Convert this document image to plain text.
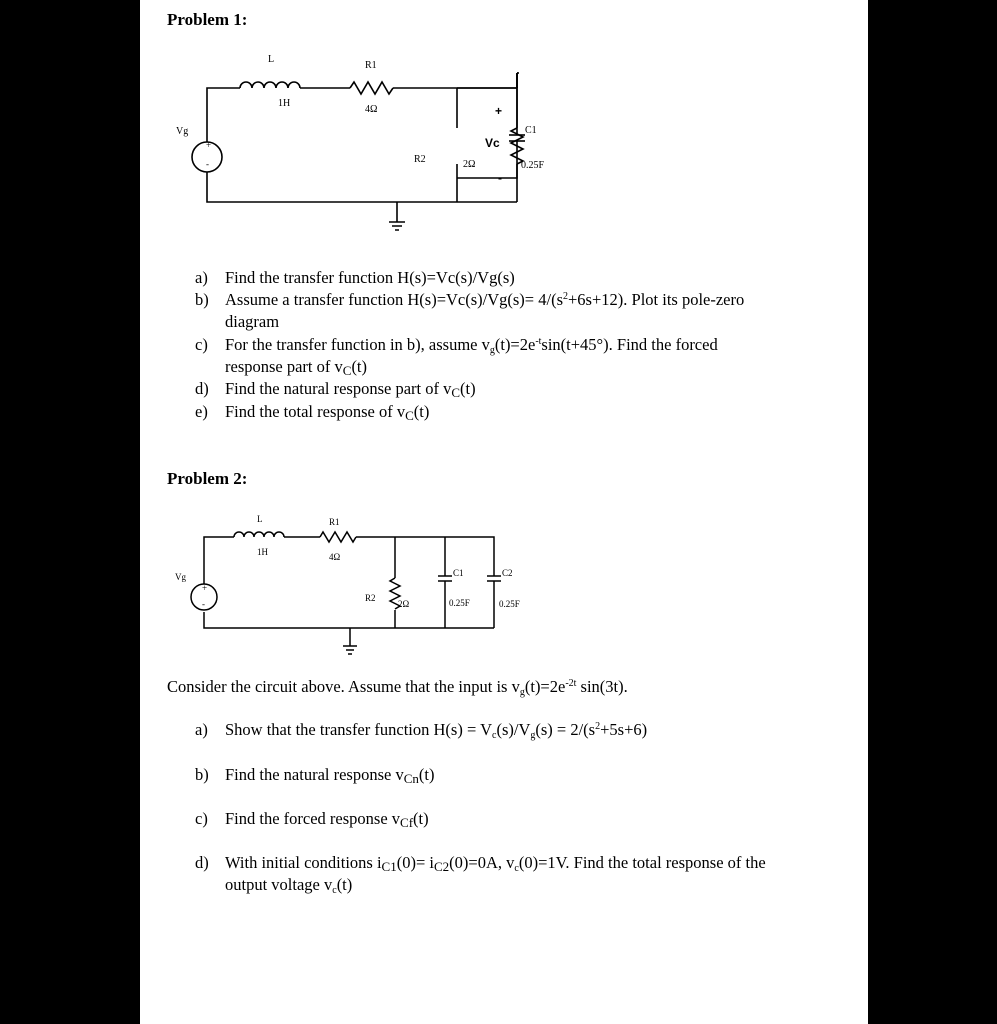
Problem 1:
L
1H
R1
4Ω
R2	2Ω
C1
0.25F
Vg
Vc
+
-
+
-
a) Find the transfer function H(s)=Vc(s)/Vg(s)
b) Assume a transfer function $H(s)=Vc(s)/Vg(s)= 4/(s^2+6s+12)$. Plot its pole-zero
diagram
c) For the transfer function in b), assume $v_g(t)=2e^{-t}\sin(t+45^\circ)$. Find the forced
response part of $v_C(t)$
d) Find the natural response part of $v_C(t)$
e) Find the total response of $v_C(t)$
Problem 2:
L
1H
R1
4Ω
R2
2Ω
C1
0.25F
C2
0.25F
Vg
+
-
Consider the circuit above. Assume that the input is $v_g(t)=2e^{-2t}$ sin(3t).
a) Show that the transfer function $H(s) = V_c(s)/V_g(s) = 2/(s^2+5s+6)$
b) Find the natural response $v_{Cn}(t)$
c) Find the forced response $v_{Cf}(t)$
d) With initial conditions $i_{C1}(0)= i_{C2}(0)=0A$, $v_c(0)=1V$. Find the total response of the
output voltage $v_c(t)$
